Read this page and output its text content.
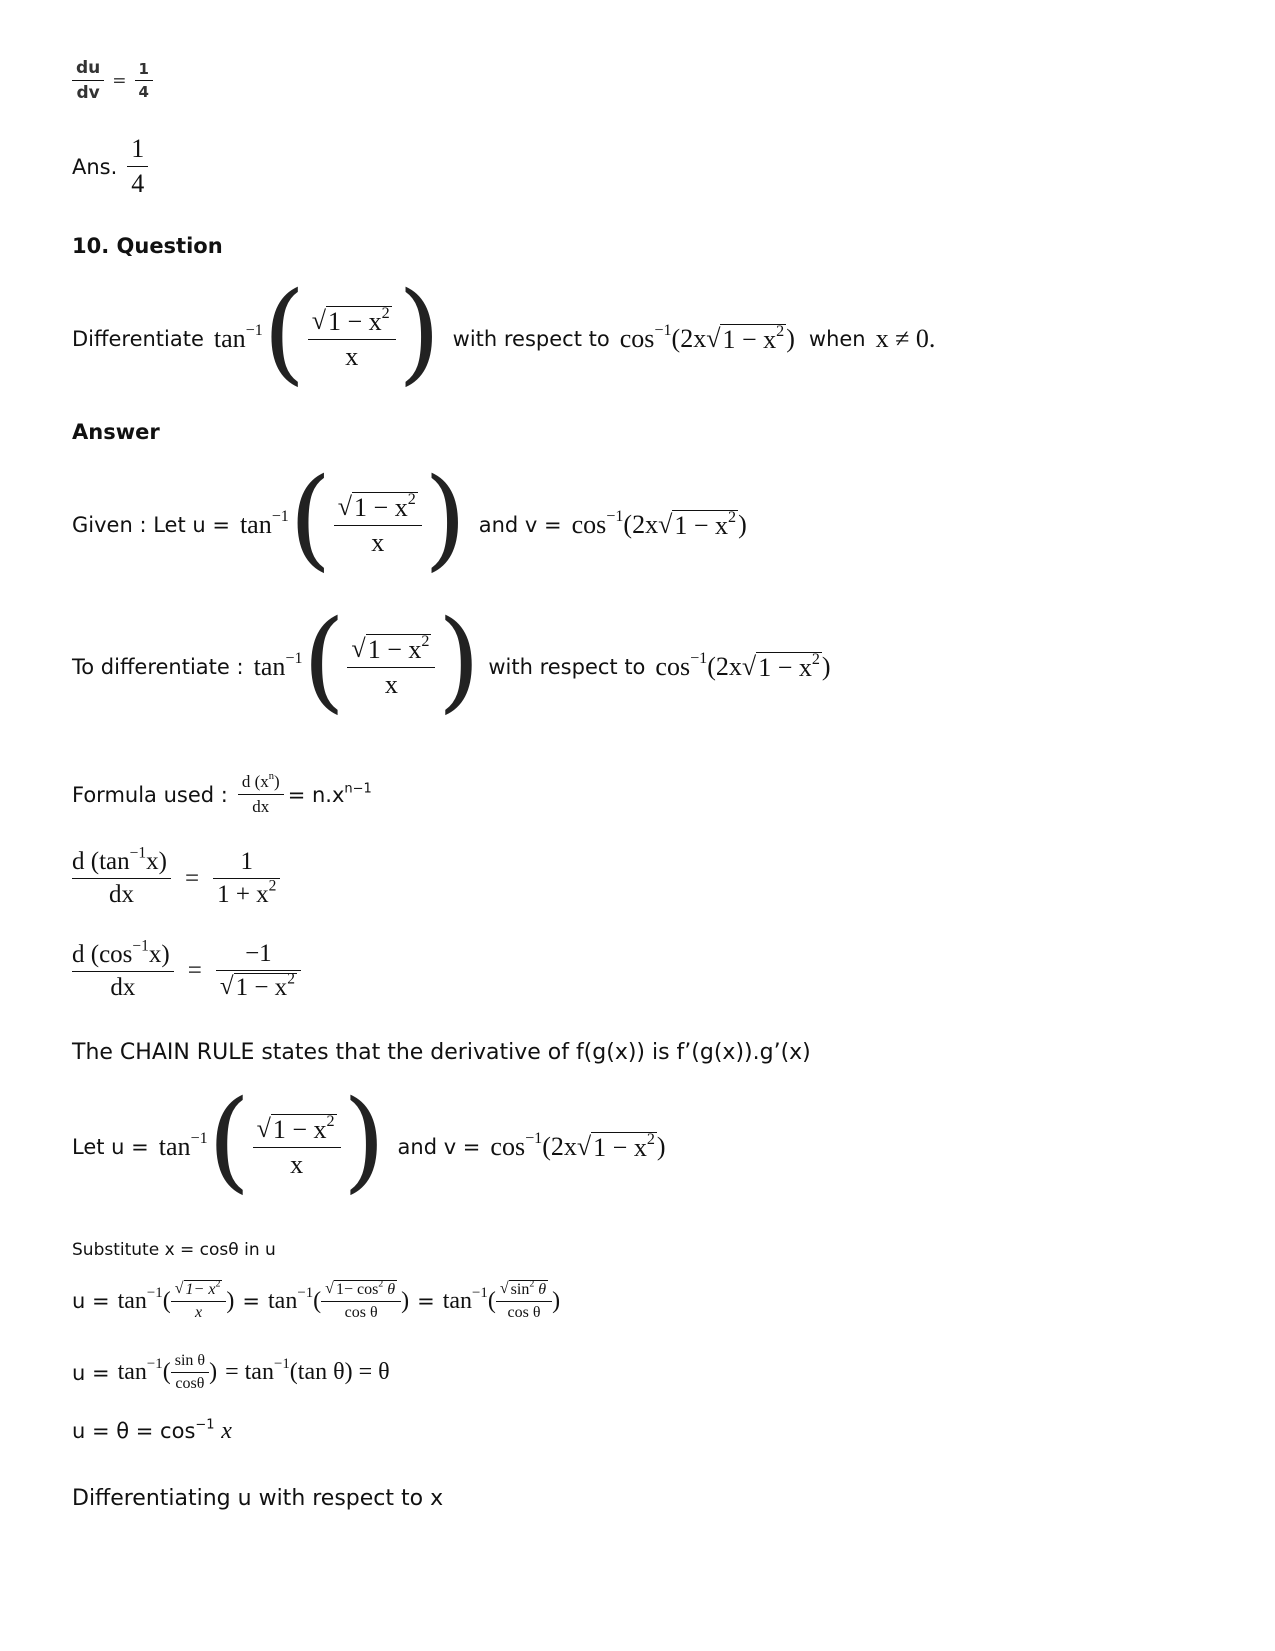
$\frac{du}{dv} = \frac{1}{4}$
Ans. $\frac{1}{4}$
10. Question
Differentiate $\tan^{-1}$ ( $\frac{√ 1 - x^2}{x}$ ) with respect to $\cos^{-1}(2x√$ $1 - x^2$ ) when x ≠ 0.
Answer
Given : Let $u = \tan^{-1}$ ( $\frac{√ 1 - x^2}{x}$ ) and $v = \cos^{-1}(2x√$ $1 - x^2$ )
To differentiate : $\tan^{-1}$ ( $\frac{√ 1 - x^2}{x}$ ) with respect to $\cos^{-1}(2x√$ $1 - x^2$ )
Formula used : $\frac{d (x^n)}{dx} = n.x^{n-1}$
$\frac{d (\tan^{-1}x)}{dx} = \frac{1}{1 + x^2}$
$\frac{d (\cos^{-1}x)}{dx} = \frac{-1}{√ 1 - x^2}$
The CHAIN RULE states that the derivative of f(g(x)) is f’(g(x)).g’(x)
Let $u = \tan^{-1}$ ( $\frac{√ 1 - x^2}{x}$ ) and $v = \cos^{-1}(2x√$ $1 - x^2$ )
Substitute x = cosθ in u
$u = \tan^{-1}( \frac{√ 1- x^2}{x}$ ) = $\tan^{-1}( \frac{√ 1- \cos^2 \theta}{\text{cos θ}}$ ) = $\tan^{-1}( \frac{√ \sin^2 \theta}{\text{cos θ}}$ )
$u = \tan^{-1}( \frac{\text{sin θ}}{\cos\theta}$ ) = $\tan^{-1}(\tan$ θ) = θ
$u = \theta = \cos^{-1} x$
Differentiating u with respect to x
